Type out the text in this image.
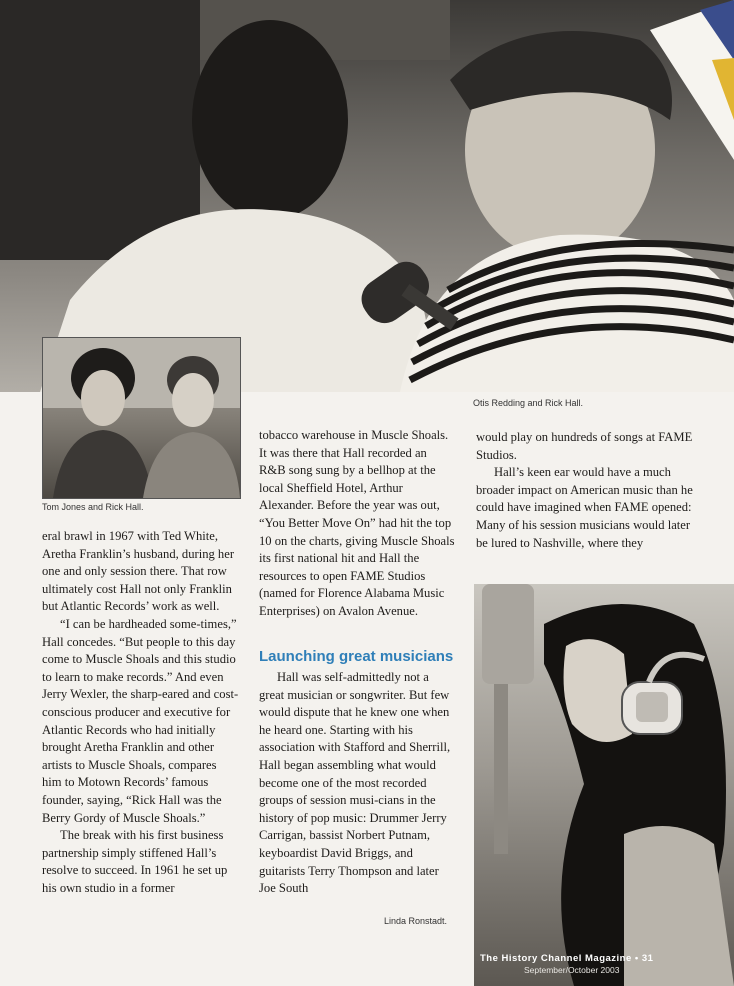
Otis Redding and Rick Hall.
Tom Jones and Rick Hall.

eral brawl in 1967 with Ted White, Aretha Franklin’s husband, during her one and only session there. That row ultimately cost Hall not only Franklin but Atlantic Records’ work as well.

“I can be hardheaded some-times,” Hall concedes. “But people to this day come to Muscle Shoals and this studio to learn to make records.” And even Jerry Wexler, the sharp-eared and cost-conscious producer and executive for Atlantic Records who had initially brought Aretha Franklin and other artists to Muscle Shoals, compares him to Motown Records’ famous founder, saying, “Rick Hall was the Berry Gordy of Muscle Shoals.”

The break with his first business partnership simply stiffened Hall’s resolve to succeed. In 1961 he set up his own studio in a former

tobacco warehouse in Muscle Shoals. It was there that Hall recorded an R&B song sung by a bellhop at the local Sheffield Hotel, Arthur Alexander. Before the year was out, “You Better Move On” had hit the top 10 on the charts, giving Muscle Shoals its first national hit and Hall the resources to open FAME Studios (named for Florence Alabama Music Enterprises) on Avalon Avenue.

Launching great musicians

Hall was self-admittedly not a great musician or songwriter. But few would dispute that he knew one when he heard one. Starting with his association with Stafford and Sherrill, Hall began assembling what would become one of the most recorded groups of session musi-cians in the history of pop music: Drummer Jerry Carrigan, bassist Norbert Putnam, keyboardist David Briggs, and guitarists Terry Thompson and later Joe South

would play on hundreds of songs at FAME Studios.

Hall’s keen ear would have a much broader impact on American music than he could have imagined when FAME opened: Many of his session musicians would later be lured to Nashville, where they

Linda Ronstadt.
The History Channel Magazine • 31
September/October 2003
